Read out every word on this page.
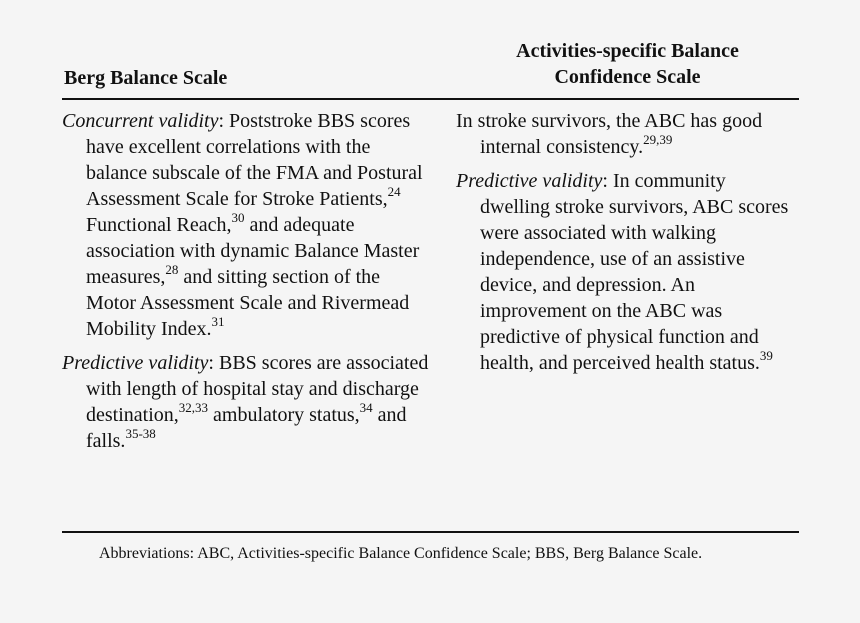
Berg Balance Scale
Activities-specific Balance
Confidence Scale

Concurrent validity: Poststroke BBS scores have excellent correlations with the balance subscale of the FMA and Postural Assessment Scale for Stroke Patients,$^{24}$ Functional Reach,$^{30}$ and adequate association with dynamic Balance Master measures,$^{28}$ and sitting section of the Motor Assessment Scale and Rivermead Mobility Index.$^{31}$

Predictive validity: BBS scores are associated with length of hospital stay and discharge destination,$^{32,33}$ ambulatory status,$^{34}$ and falls.$^{35-38}$

In stroke survivors, the ABC has good internal consistency.$^{29,39}$

Predictive validity: In community dwelling stroke survivors, ABC scores were associated with walking independence, use of an assistive device, and depression. An improvement on the ABC was predictive of physical function and health, and perceived health status.$^{39}$

Abbreviations: ABC, Activities-specific Balance Confidence Scale; BBS, Berg Balance Scale.
